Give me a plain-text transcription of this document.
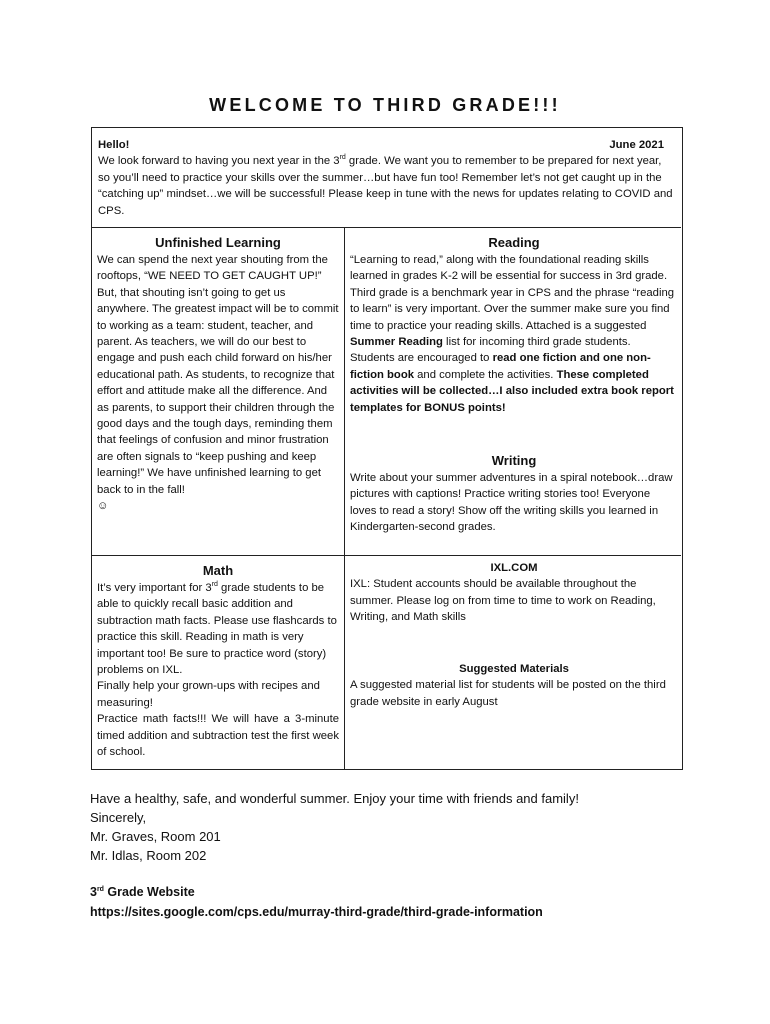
WELCOME TO THIRD GRADE!!!
Hello!	June 2021
We look forward to having you next year in the 3rd grade. We want you to remember to be prepared for next year, so you’ll need to practice your skills over the summer…but have fun too! Remember let’s not get caught up in the “catching up” mindset…we will be successful! Please keep in tune with the news for updates relating to COVID and CPS.
Unfinished Learning

We can spend the next year shouting from the rooftops, “WE NEED TO GET CAUGHT UP!” But, that shouting isn’t going to get us anywhere. The greatest impact will be to commit to working as a team: student, teacher, and parent. As teachers, we will do our best to engage and push each child forward on his/her educational path. As students, to recognize that effort and attitude make all the difference. And as parents, to support their children through the good days and the tough days, reminding them that feelings of confusion and minor frustration are often signals to “keep pushing and keep learning!” We have unfinished learning to get back to in the fall!
☺

Reading

“Learning to read,” along with the foundational reading skills learned in grades K-2 will be essential for success in 3rd grade. Third grade is a benchmark year in CPS and the phrase “reading to learn” is very important. Over the summer make sure you find time to practice your reading skills. Attached is a suggested Summer Reading list for incoming third grade students. Students are encouraged to read one fiction and one non-fiction book and complete the activities. These completed activities will be collected…I also included extra book report templates for BONUS points!

Writing

Write about your summer adventures in a spiral notebook…draw pictures with captions! Practice writing stories too! Everyone loves to read a story! Show off the writing skills you learned in Kindergarten-second grades.

Math

It’s very important for 3rd grade students to be able to quickly recall basic addition and subtraction math facts. Please use flashcards to practice this skill. Reading in math is very important too! Be sure to practice word (story) problems on IXL.

Finally help your grown-ups with recipes and measuring!

Practice math facts!!! We will have a 3-minute timed addition and subtraction test the first week of school.

IXL.COM

IXL: Student accounts should be available throughout the summer. Please log on from time to time to work on Reading, Writing, and Math skills

Suggested Materials

A suggested material list for students will be posted on the third grade website in early August

Have a healthy, safe, and wonderful summer. Enjoy your time with friends and family!

Sincerely,

Mr. Graves, Room 201

Mr. Idlas, Room 202

3rd Grade Website

https://sites.google.com/cps.edu/murray-third-grade/third-grade-information
